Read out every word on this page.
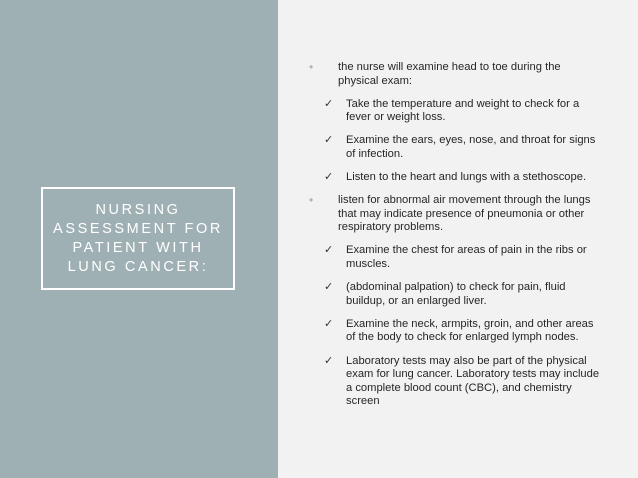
NURSING
ASSESSMENT FOR
PATIENT WITH
LUNG CANCER:
• the nurse will examine head to toe during the physical exam:
✓ Take the temperature and weight to check for a fever or weight loss.
✓ Examine the ears, eyes, nose, and throat for signs of infection.
✓ Listen to the heart and lungs with a stethoscope.
• listen for abnormal air movement through the lungs that may indicate presence of pneumonia or other respiratory problems.
✓ Examine the chest for areas of pain in the ribs or muscles.
✓ (abdominal palpation) to check for pain, fluid buildup, or an enlarged liver.
✓ Examine the neck, armpits, groin, and other areas of the body to check for enlarged lymph nodes.
✓ Laboratory tests may also be part of the physical exam for lung cancer. Laboratory tests may include a complete blood count (CBC), and chemistry screen
